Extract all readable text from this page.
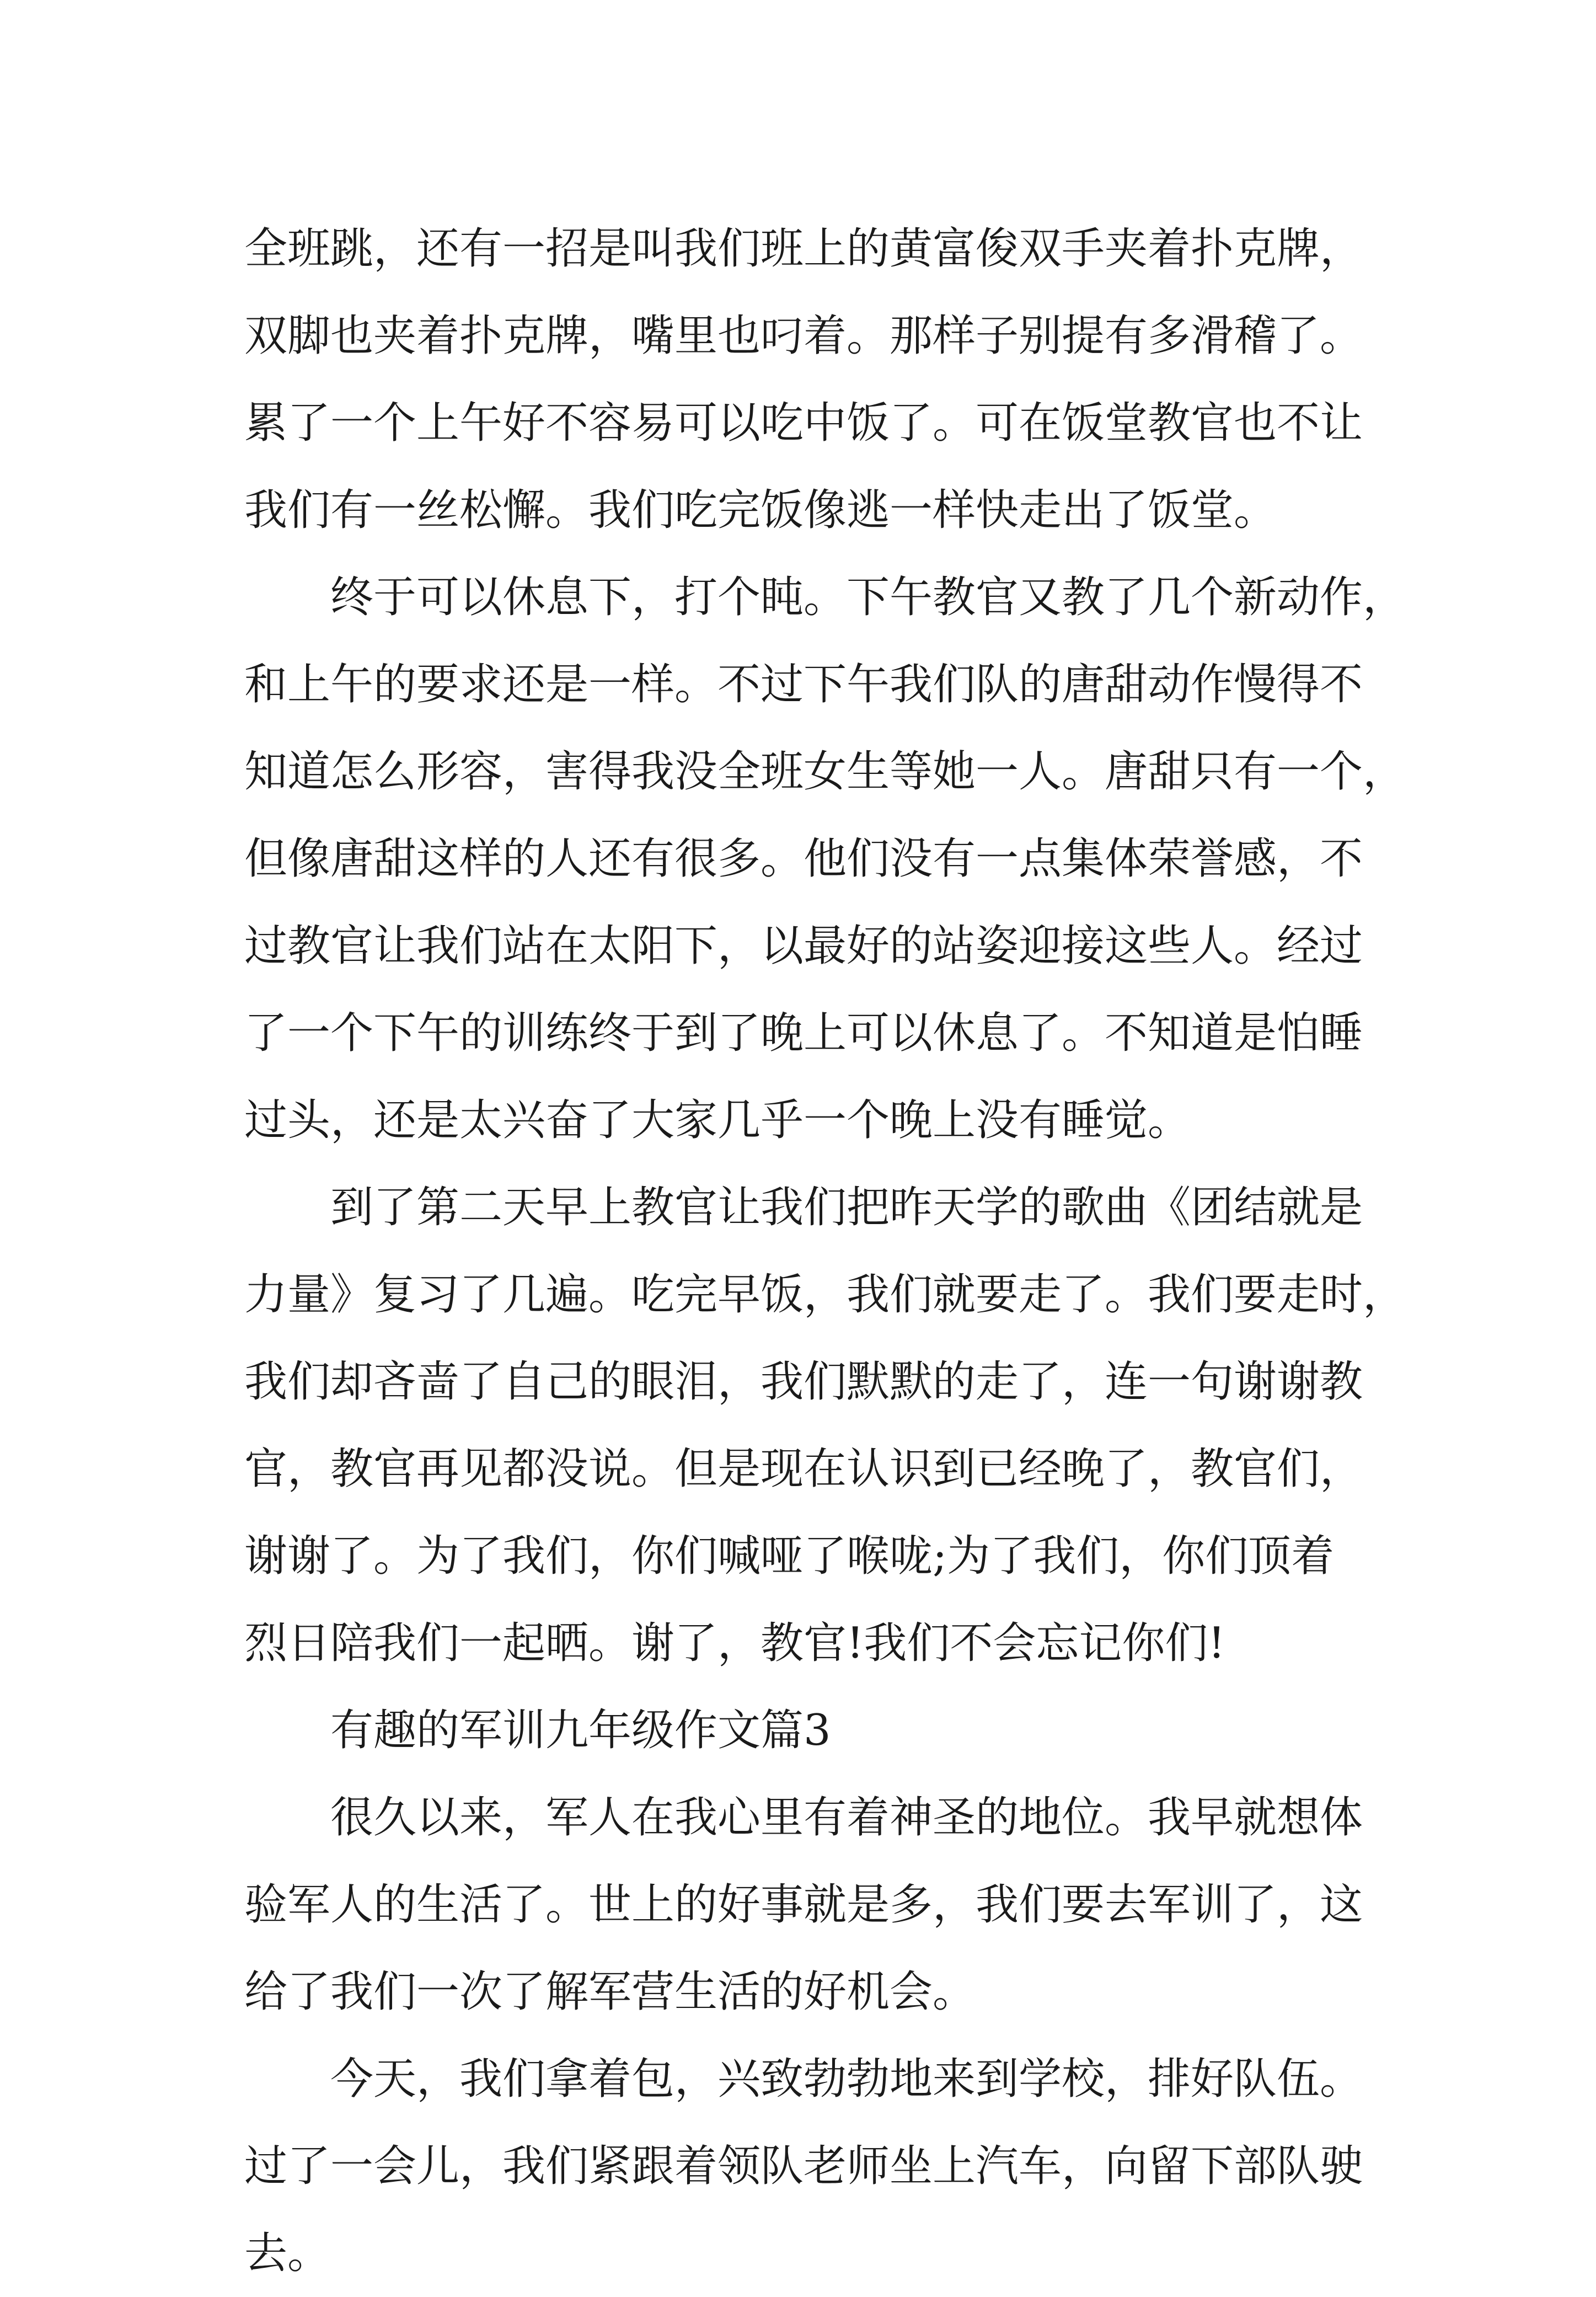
全班跳，还有一招是叫我们班上的黄富俊双手夹着扑克牌，
双脚也夹着扑克牌，嘴里也叼着。那样子别提有多滑稽了。
累了一个上午好不容易可以吃中饭了。可在饭堂教官也不让
我们有一丝松懈。我们吃完饭像逃一样快走出了饭堂。
终于可以休息下，打个盹。下午教官又教了几个新动作，
和上午的要求还是一样。不过下午我们队的唐甜动作慢得不
知道怎么形容，害得我没全班女生等她一人。唐甜只有一个，
但像唐甜这样的人还有很多。他们没有一点集体荣誉感，不
过教官让我们站在太阳下，以最好的站姿迎接这些人。经过
了一个下午的训练终于到了晚上可以休息了。不知道是怕睡
过头，还是太兴奋了大家几乎一个晚上没有睡觉。
到了第二天早上教官让我们把昨天学的歌曲《团结就是
力量》复习了几遍。吃完早饭，我们就要走了。我们要走时，
我们却吝啬了自己的眼泪，我们默默的走了，连一句谢谢教
官，教官再见都没说。但是现在认识到已经晚了，教官们，
谢谢了。为了我们，你们喊哑了喉咙;为了我们，你们顶着
烈日陪我们一起晒。谢了，教官!我们不会忘记你们!
有趣的军训九年级作文篇3
很久以来，军人在我心里有着神圣的地位。我早就想体
验军人的生活了。世上的好事就是多，我们要去军训了，这
给了我们一次了解军营生活的好机会。
今天，我们拿着包，兴致勃勃地来到学校，排好队伍。
过了一会儿，我们紧跟着领队老师坐上汽车，向留下部队驶
去。
